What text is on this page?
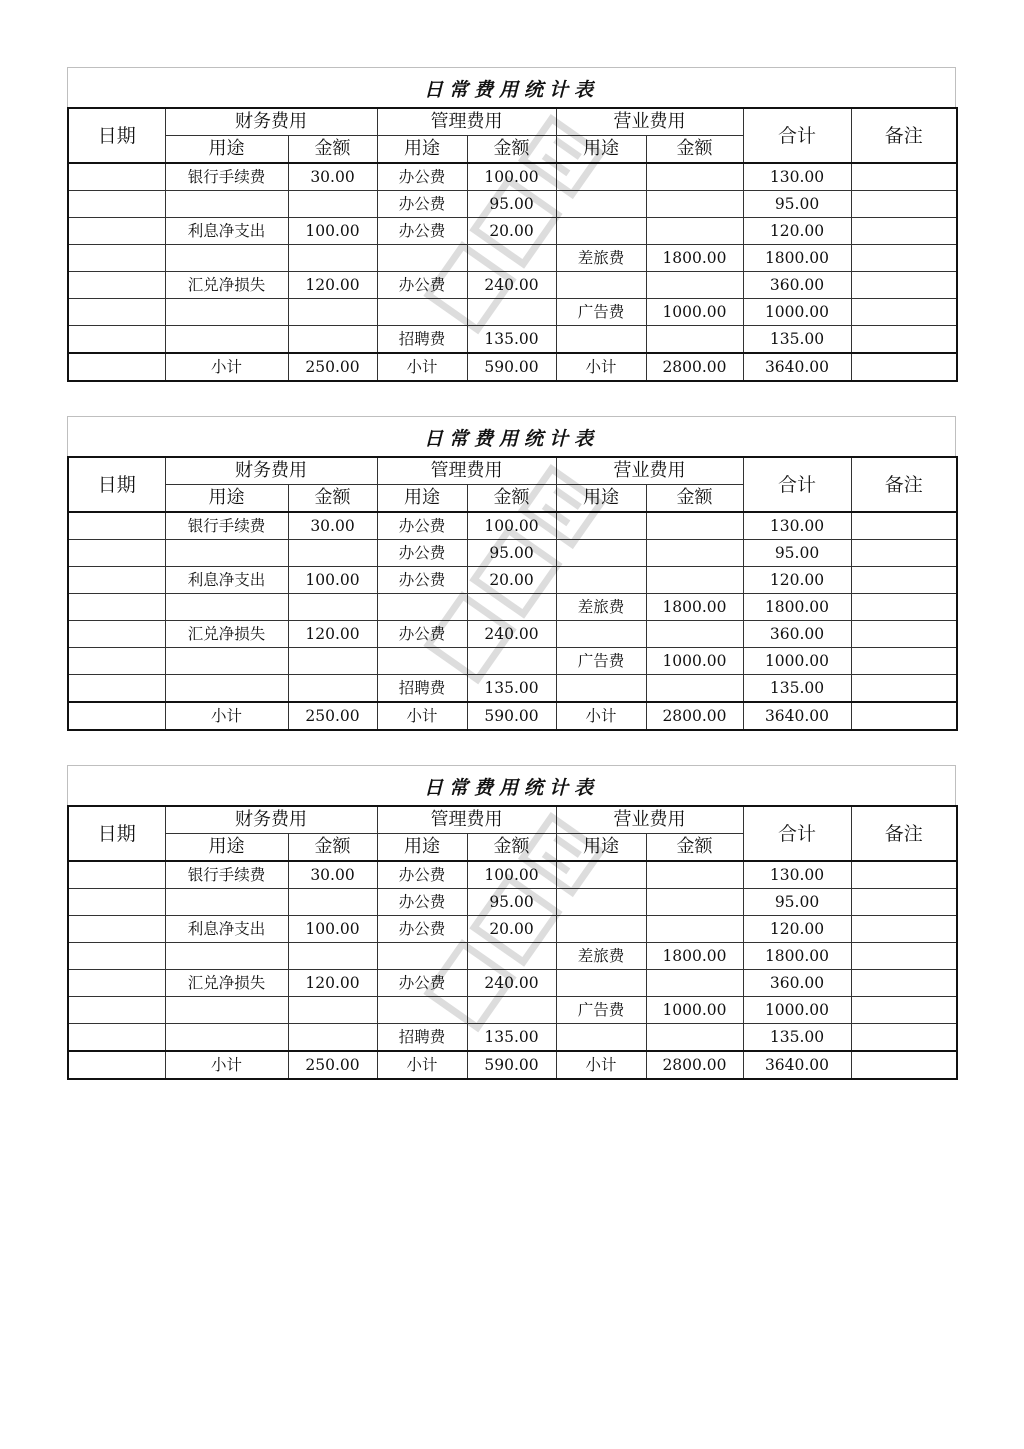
日常费用统计表
日期	财务费用		管理费用		营业费用		合计	备注
	用途	金额	用途	金额	用途	金额		
	银行手续费	30.00	办公费	100.00			130.00	
			办公费	95.00			95.00	
	利息净支出	100.00	办公费	20.00			120.00	
					差旅费	1800.00	1800.00	
	汇兑净损失	120.00	办公费	240.00			360.00	
					广告费	1000.00	1000.00	
			招聘费	135.00			135.00	
	小计	250.00	小计	590.00	小计	2800.00	3640.00	
日常费用统计表
日期	财务费用		管理费用		营业费用		合计	备注
	用途	金额	用途	金额	用途	金额		
	银行手续费	30.00	办公费	100.00			130.00	
			办公费	95.00			95.00	
	利息净支出	100.00	办公费	20.00			120.00	
					差旅费	1800.00	1800.00	
	汇兑净损失	120.00	办公费	240.00			360.00	
					广告费	1000.00	1000.00	
			招聘费	135.00			135.00	
	小计	250.00	小计	590.00	小计	2800.00	3640.00	
日常费用统计表
日期	财务费用		管理费用		营业费用		合计	备注
	用途	金额	用途	金额	用途	金额		
	银行手续费	30.00	办公费	100.00			130.00	
			办公费	95.00			95.00	
	利息净支出	100.00	办公费	20.00			120.00	
					差旅费	1800.00	1800.00	
	汇兑净损失	120.00	办公费	240.00			360.00	
					广告费	1000.00	1000.00	
			招聘费	135.00			135.00	
	小计	250.00	小计	590.00	小计	2800.00	3640.00	
